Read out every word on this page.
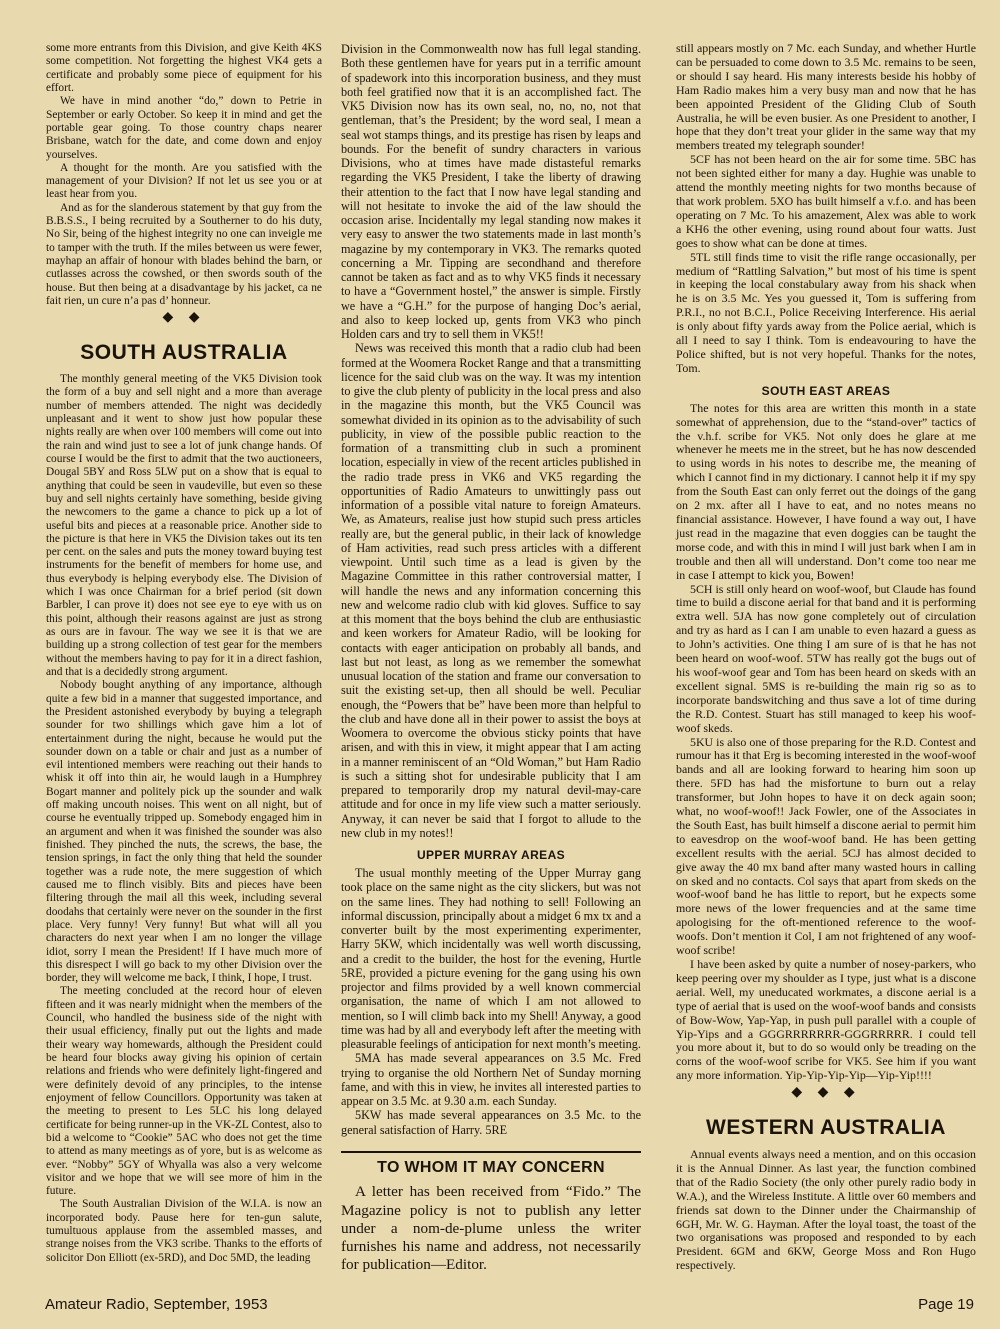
some more entrants from this Division, and give Keith 4KS some competition. Not forgetting the highest VK4 gets a certificate and probably some piece of equipment for his effort.

We have in mind another “do,” down to Petrie in September or early October. So keep it in mind and get the portable gear going. To those country chaps nearer Brisbane, watch for the date, and come down and enjoy yourselves.

A thought for the month. Are you satisfied with the management of your Division? If not let us see you or at least hear from you.

And as for the slanderous statement by that guy from the B.B.S.S., I being recruited by a Southerner to do his duty, No Sir, being of the highest integrity no one can inveigle me to tamper with the truth. If the miles between us were fewer, mayhap an affair of honour with blades behind the barn, or cutlasses across the cowshed, or then swords south of the house. But then being at a disadvantage by his jacket, ca ne fait rien, un cure n’a pas d’ honneur.

◆ ◆
SOUTH AUSTRALIA

The monthly general meeting of the VK5 Division took the form of a buy and sell night and a more than average number of members attended. The night was decidedly unpleasant and it went to show just how popular these nights really are when over 100 members will come out into the rain and wind just to see a lot of junk change hands. Of course I would be the first to admit that the two auctioneers, Dougal 5BY and Ross 5LW put on a show that is equal to anything that could be seen in vaudeville, but even so these buy and sell nights certainly have something, beside giving the newcomers to the game a chance to pick up a lot of useful bits and pieces at a reasonable price. Another side to the picture is that here in VK5 the Division takes out its ten per cent. on the sales and puts the money toward buying test instruments for the benefit of members for home use, and thus everybody is helping everybody else. The Division of which I was once Chairman for a brief period (sit down Barbler, I can prove it) does not see eye to eye with us on this point, although their reasons against are just as strong as ours are in favour. The way we see it is that we are building up a strong collection of test gear for the members without the members having to pay for it in a direct fashion, and that is a decidedly strong argument.

Nobody bought anything of any importance, although quite a few bid in a manner that suggested importance, and the President astonished everybody by buying a telegraph sounder for two shillings which gave him a lot of entertainment during the night, because he would put the sounder down on a table or chair and just as a number of evil intentioned members were reaching out their hands to whisk it off into thin air, he would laugh in a Humphrey Bogart manner and politely pick up the sounder and walk off making uncouth noises. This went on all night, but of course he eventually tripped up. Somebody engaged him in an argument and when it was finished the sounder was also finished. They pinched the nuts, the screws, the base, the tension springs, in fact the only thing that held the sounder together was a rude note, the mere suggestion of which caused me to flinch visibly. Bits and pieces have been filtering through the mail all this week, including several doodahs that certainly were never on the sounder in the first place. Very funny! Very funny! But what will all you characters do next year when I am no longer the village idiot, sorry I mean the President! If I have much more of this disrespect I will go back to my other Division over the border, they will welcome me back, I think, I hope, I trust.

The meeting concluded at the record hour of eleven fifteen and it was nearly midnight when the members of the Council, who handled the business side of the night with their usual efficiency, finally put out the lights and made their weary way homewards, although the President could be heard four blocks away giving his opinion of certain relations and friends who were definitely light-fingered and were definitely devoid of any principles, to the intense enjoyment of fellow Councillors. Opportunity was taken at the meeting to present to Les 5LC his long delayed certificate for being runner-up in the VK-ZL Contest, also to bid a welcome to “Cookie” 5AC who does not get the time to attend as many meetings as of yore, but is as welcome as ever. “Nobby” 5GY of Whyalla was also a very welcome visitor and we hope that we will see more of him in the future.

The South Australian Division of the W.I.A. is now an incorporated body. Pause here for ten-gun salute, tumultuous applause from the assembled masses, and strange noises from the VK3 scribe. Thanks to the efforts of solicitor Don Elliott (ex-5RD), and Doc 5MD, the leading

Division in the Commonwealth now has full legal standing. Both these gentlemen have for years put in a terrific amount of spadework into this incorporation business, and they must both feel gratified now that it is an accomplished fact. The VK5 Division now has its own seal, no, no, no, not that gentleman, that’s the President; by the word seal, I mean a seal wot stamps things, and its prestige has risen by leaps and bounds. For the benefit of sundry characters in various Divisions, who at times have made distasteful remarks regarding the VK5 President, I take the liberty of drawing their attention to the fact that I now have legal standing and will not hesitate to invoke the aid of the law should the occasion arise. Incidentally my legal standing now makes it very easy to answer the two statements made in last month’s magazine by my contemporary in VK3. The remarks quoted concerning a Mr. Tipping are secondhand and therefore cannot be taken as fact and as to why VK5 finds it necessary to have a “Government hostel,” the answer is simple. Firstly we have a “G.H.” for the purpose of hanging Doc’s aerial, and also to keep locked up, gents from VK3 who pinch Holden cars and try to sell them in VK5!!

News was received this month that a radio club had been formed at the Woomera Rocket Range and that a transmitting licence for the said club was on the way. It was my intention to give the club plenty of publicity in the local press and also in the magazine this month, but the VK5 Council was somewhat divided in its opinion as to the advisability of such publicity, in view of the possible public reaction to the formation of a transmitting club in such a prominent location, especially in view of the recent articles published in the radio trade press in VK6 and VK5 regarding the opportunities of Radio Amateurs to unwittingly pass out information of a possible vital nature to foreign Amateurs. We, as Amateurs, realise just how stupid such press articles really are, but the general public, in their lack of knowledge of Ham activities, read such press articles with a different viewpoint. Until such time as a lead is given by the Magazine Committee in this rather controversial matter, I will handle the news and any information concerning this new and welcome radio club with kid gloves. Suffice to say at this moment that the boys behind the club are enthusiastic and keen workers for Amateur Radio, will be looking for contacts with eager anticipation on probably all bands, and last but not least, as long as we remember the somewhat unusual location of the station and frame our conversation to suit the existing set-up, then all should be well. Peculiar enough, the “Powers that be” have been more than helpful to the club and have done all in their power to assist the boys at Woomera to overcome the obvious sticky points that have arisen, and with this in view, it might appear that I am acting in a manner reminiscent of an “Old Woman,” but Ham Radio is such a sitting shot for undesirable publicity that I am prepared to temporarily drop my natural devil-may-care attitude and for once in my life view such a matter seriously. Anyway, it can never be said that I forgot to allude to the new club in my notes!!

UPPER MURRAY AREAS

The usual monthly meeting of the Upper Murray gang took place on the same night as the city slickers, but was not on the same lines. They had nothing to sell! Following an informal discussion, principally about a midget 6 mx tx and a converter built by the most experimenting experimenter, Harry 5KW, which incidentally was well worth discussing, and a credit to the builder, the host for the evening, Hurtle 5RE, provided a picture evening for the gang using his own projector and films provided by a well known commercial organisation, the name of which I am not allowed to mention, so I will climb back into my Shell! Anyway, a good time was had by all and everybody left after the meeting with pleasurable feelings of anticipation for next month’s meeting.

5MA has made several appearances on 3.5 Mc. Fred trying to organise the old Northern Net of Sunday morning fame, and with this in view, he invites all interested parties to appear on 3.5 Mc. at 9.30 a.m. each Sunday.

5KW has made several appearances on 3.5 Mc. to the general satisfaction of Harry. 5RE

TO WHOM IT MAY CONCERN

A letter has been received from “Fido.” The Magazine policy is not to publish any letter under a nom-de-plume unless the writer furnishes his name and address, not necessarily for publication—Editor.

still appears mostly on 7 Mc. each Sunday, and whether Hurtle can be persuaded to come down to 3.5 Mc. remains to be seen, or should I say heard. His many interests beside his hobby of Ham Radio makes him a very busy man and now that he has been appointed President of the Gliding Club of South Australia, he will be even busier. As one President to another, I hope that they don’t treat your glider in the same way that my members treated my telegraph sounder!

5CF has not been heard on the air for some time. 5BC has not been sighted either for many a day. Hughie was unable to attend the monthly meeting nights for two months because of that work problem. 5XO has built himself a v.f.o. and has been operating on 7 Mc. To his amazement, Alex was able to work a KH6 the other evening, using round about four watts. Just goes to show what can be done at times.

5TL still finds time to visit the rifle range occasionally, per medium of “Rattling Salvation,” but most of his time is spent in keeping the local constabulary away from his shack when he is on 3.5 Mc. Yes you guessed it, Tom is suffering from P.R.I., no not B.C.I., Police Receiving Interference. His aerial is only about fifty yards away from the Police aerial, which is all I need to say I think. Tom is endeavouring to have the Police shifted, but is not very hopeful. Thanks for the notes, Tom.

SOUTH EAST AREAS

The notes for this area are written this month in a state somewhat of apprehension, due to the “stand-over” tactics of the v.h.f. scribe for VK5. Not only does he glare at me whenever he meets me in the street, but he has now descended to using words in his notes to describe me, the meaning of which I cannot find in my dictionary. I cannot help it if my spy from the South East can only ferret out the doings of the gang on 2 mx. after all I have to eat, and no notes means no financial assistance. However, I have found a way out, I have just read in the magazine that even doggies can be taught the morse code, and with this in mind I will just bark when I am in trouble and then all will understand. Don’t come too near me in case I attempt to kick you, Bowen!

5CH is still only heard on woof-woof, but Claude has found time to build a discone aerial for that band and it is performing extra well. 5JA has now gone completely out of circulation and try as hard as I can I am unable to even hazard a guess as to John’s activities. One thing I am sure of is that he has not been heard on woof-woof. 5TW has really got the bugs out of his woof-woof gear and Tom has been heard on skeds with an excellent signal. 5MS is re-building the main rig so as to incorporate bandswitching and thus save a lot of time during the R.D. Contest. Stuart has still managed to keep his woof-woof skeds.

5KU is also one of those preparing for the R.D. Contest and rumour has it that Erg is becoming interested in the woof-woof bands and all are looking forward to hearing him soon up there. 5FD has had the misfortune to burn out a relay transformer, but John hopes to have it on deck again soon; what, no woof-woof!! Jack Fowler, one of the Associates in the South East, has built himself a discone aerial to permit him to eavesdrop on the woof-woof band. He has been getting excellent results with the aerial. 5CJ has almost decided to give away the 40 mx band after many wasted hours in calling on sked and no contacts. Col says that apart from skeds on the woof-woof band he has little to report, but he expects some more news of the lower frequencies and at the same time apologising for the oft-mentioned reference to the woof-woofs. Don’t mention it Col, I am not frightened of any woof-woof scribe!

I have been asked by quite a number of nosey-parkers, who keep peering over my shoulder as I type, just what is a discone aerial. Well, my uneducated workmates, a discone aerial is a type of aerial that is used on the woof-woof bands and consists of Bow-Wow, Yap-Yap, in push pull parallel with a couple of Yip-Yips and a GGGRRRRRRR-GGGRRRRR. I could tell you more about it, but to do so would only be treading on the corns of the woof-woof scribe for VK5. See him if you want any more information. Yip-Yip-Yip-Yip—Yip-Yip!!!!

◆ ◆ ◆
WESTERN AUSTRALIA

Annual events always need a mention, and on this occasion it is the Annual Dinner. As last year, the function combined that of the Radio Society (the only other purely radio body in W.A.), and the Wireless Institute. A little over 60 members and friends sat down to the Dinner under the Chairmanship of 6GH, Mr. W. G. Hayman. After the loyal toast, the toast of the two organisations was proposed and responded to by each President. 6GM and 6KW, George Moss and Ron Hugo respectively.

Amateur Radio, September, 1953	Page 19
